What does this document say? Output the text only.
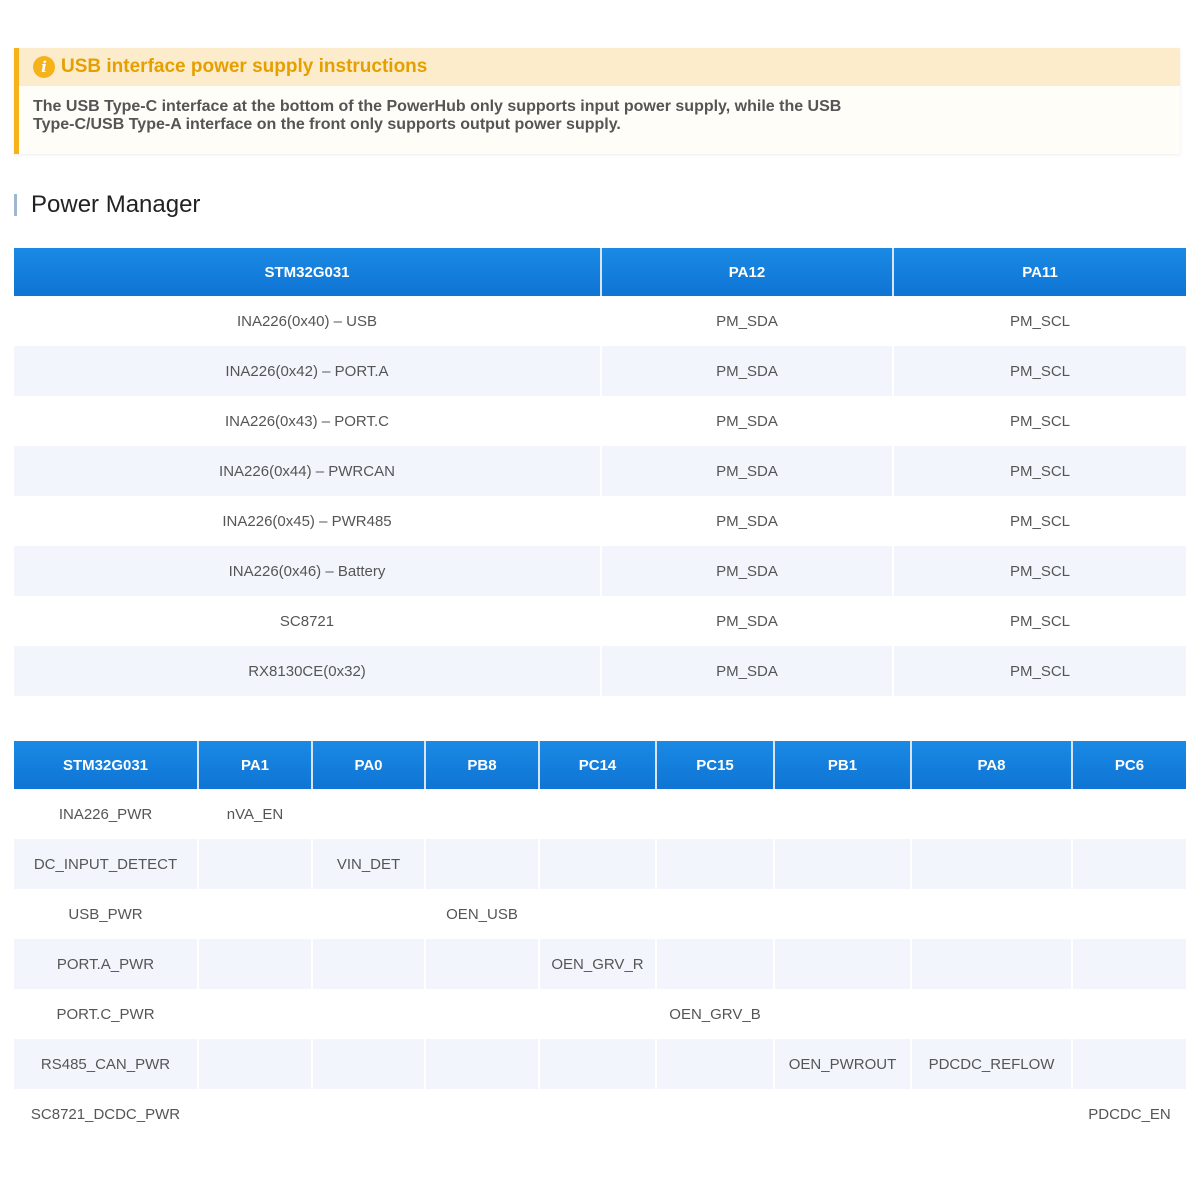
i USB interface power supply instructions
The USB Type-C interface at the bottom of the PowerHub only supports input power supply, while the USB Type-C/USB Type-A interface on the front only supports output power supply.
Power Manager
STM32G031	PA12	PA11
INA226(0x40) – USB	PM_SDA	PM_SCL
INA226(0x42) – PORT.A	PM_SDA	PM_SCL
INA226(0x43) – PORT.C	PM_SDA	PM_SCL
INA226(0x44) – PWRCAN	PM_SDA	PM_SCL
INA226(0x45) – PWR485	PM_SDA	PM_SCL
INA226(0x46) – Battery	PM_SDA	PM_SCL
SC8721	PM_SDA	PM_SCL
RX8130CE(0x32)	PM_SDA	PM_SCL
STM32G031	PA1	PA0	PB8	PC14	PC15	PB1	PA8	PC6
INA226_PWR	nVA_EN							
DC_INPUT_DETECT		VIN_DET						
USB_PWR			OEN_USB					
PORT.A_PWR				OEN_GRV_R				
PORT.C_PWR					OEN_GRV_B			
RS485_CAN_PWR						OEN_PWROUT	PDCDC_REFLOW	
SC8721_DCDC_PWR								PDCDC_EN
